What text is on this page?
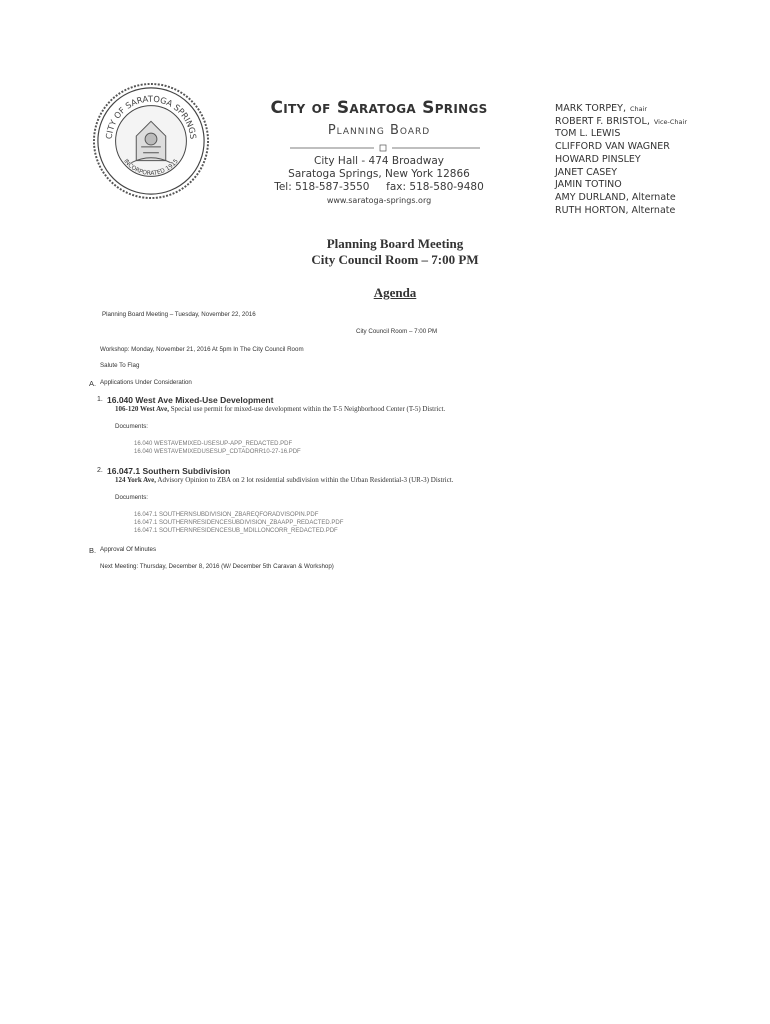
CITY OF SARATOGA SPRINGS
INCORPORATED 1915
City of Saratoga Springs
Planning Board
City Hall - 474 Broadway
Saratoga Springs, New York 12866
Tel: 518-587-3550     fax: 518-580-9480
www.saratoga-springs.org
MARK TORPEY, Chair
ROBERT F. BRISTOL, Vice-Chair
TOM L. LEWIS
CLIFFORD VAN WAGNER
HOWARD PINSLEY
JANET CASEY
JAMIN TOTINO
AMY DURLAND, Alternate
RUTH HORTON, Alternate
Planning Board Meeting
City Council Room – 7:00 PM
Agenda
Planning Board Meeting – Tuesday, November 22, 2016
City Council Room – 7:00 PM
Workshop: Monday, November 21, 2016 At 5pm In The City Council Room
Salute To Flag
A. Applications Under Consideration
1. 16.040 West Ave Mixed-Use Development
106-120 West Ave, Special use permit for mixed-use development within the T-5 Neighborhood Center (T-5) District.
Documents:
16.040 WESTAVEMIXED-USESUP-APP_REDACTED.PDF
16.040 WESTAVEMIXEDUSESUP_CDTADORR10-27-16.PDF
2. 16.047.1 Southern Subdivision
124 York Ave, Advisory Opinion to ZBA on 2 lot residential subdivision within the Urban Residential-3 (UR-3) District.
Documents:
16.047.1 SOUTHERNSUBDIVISION_ZBAREQFORADVISOPIN.PDF
16.047.1 SOUTHERNRESIDENCESUBDIVISION_ZBAAPP_REDACTED.PDF
16.047.1 SOUTHERNRESIDENCESUB_MDILLONCORR_REDACTED.PDF
B. Approval Of Minutes
Next Meeting: Thursday, December 8, 2016 (W/ December 5th Caravan & Workshop)
